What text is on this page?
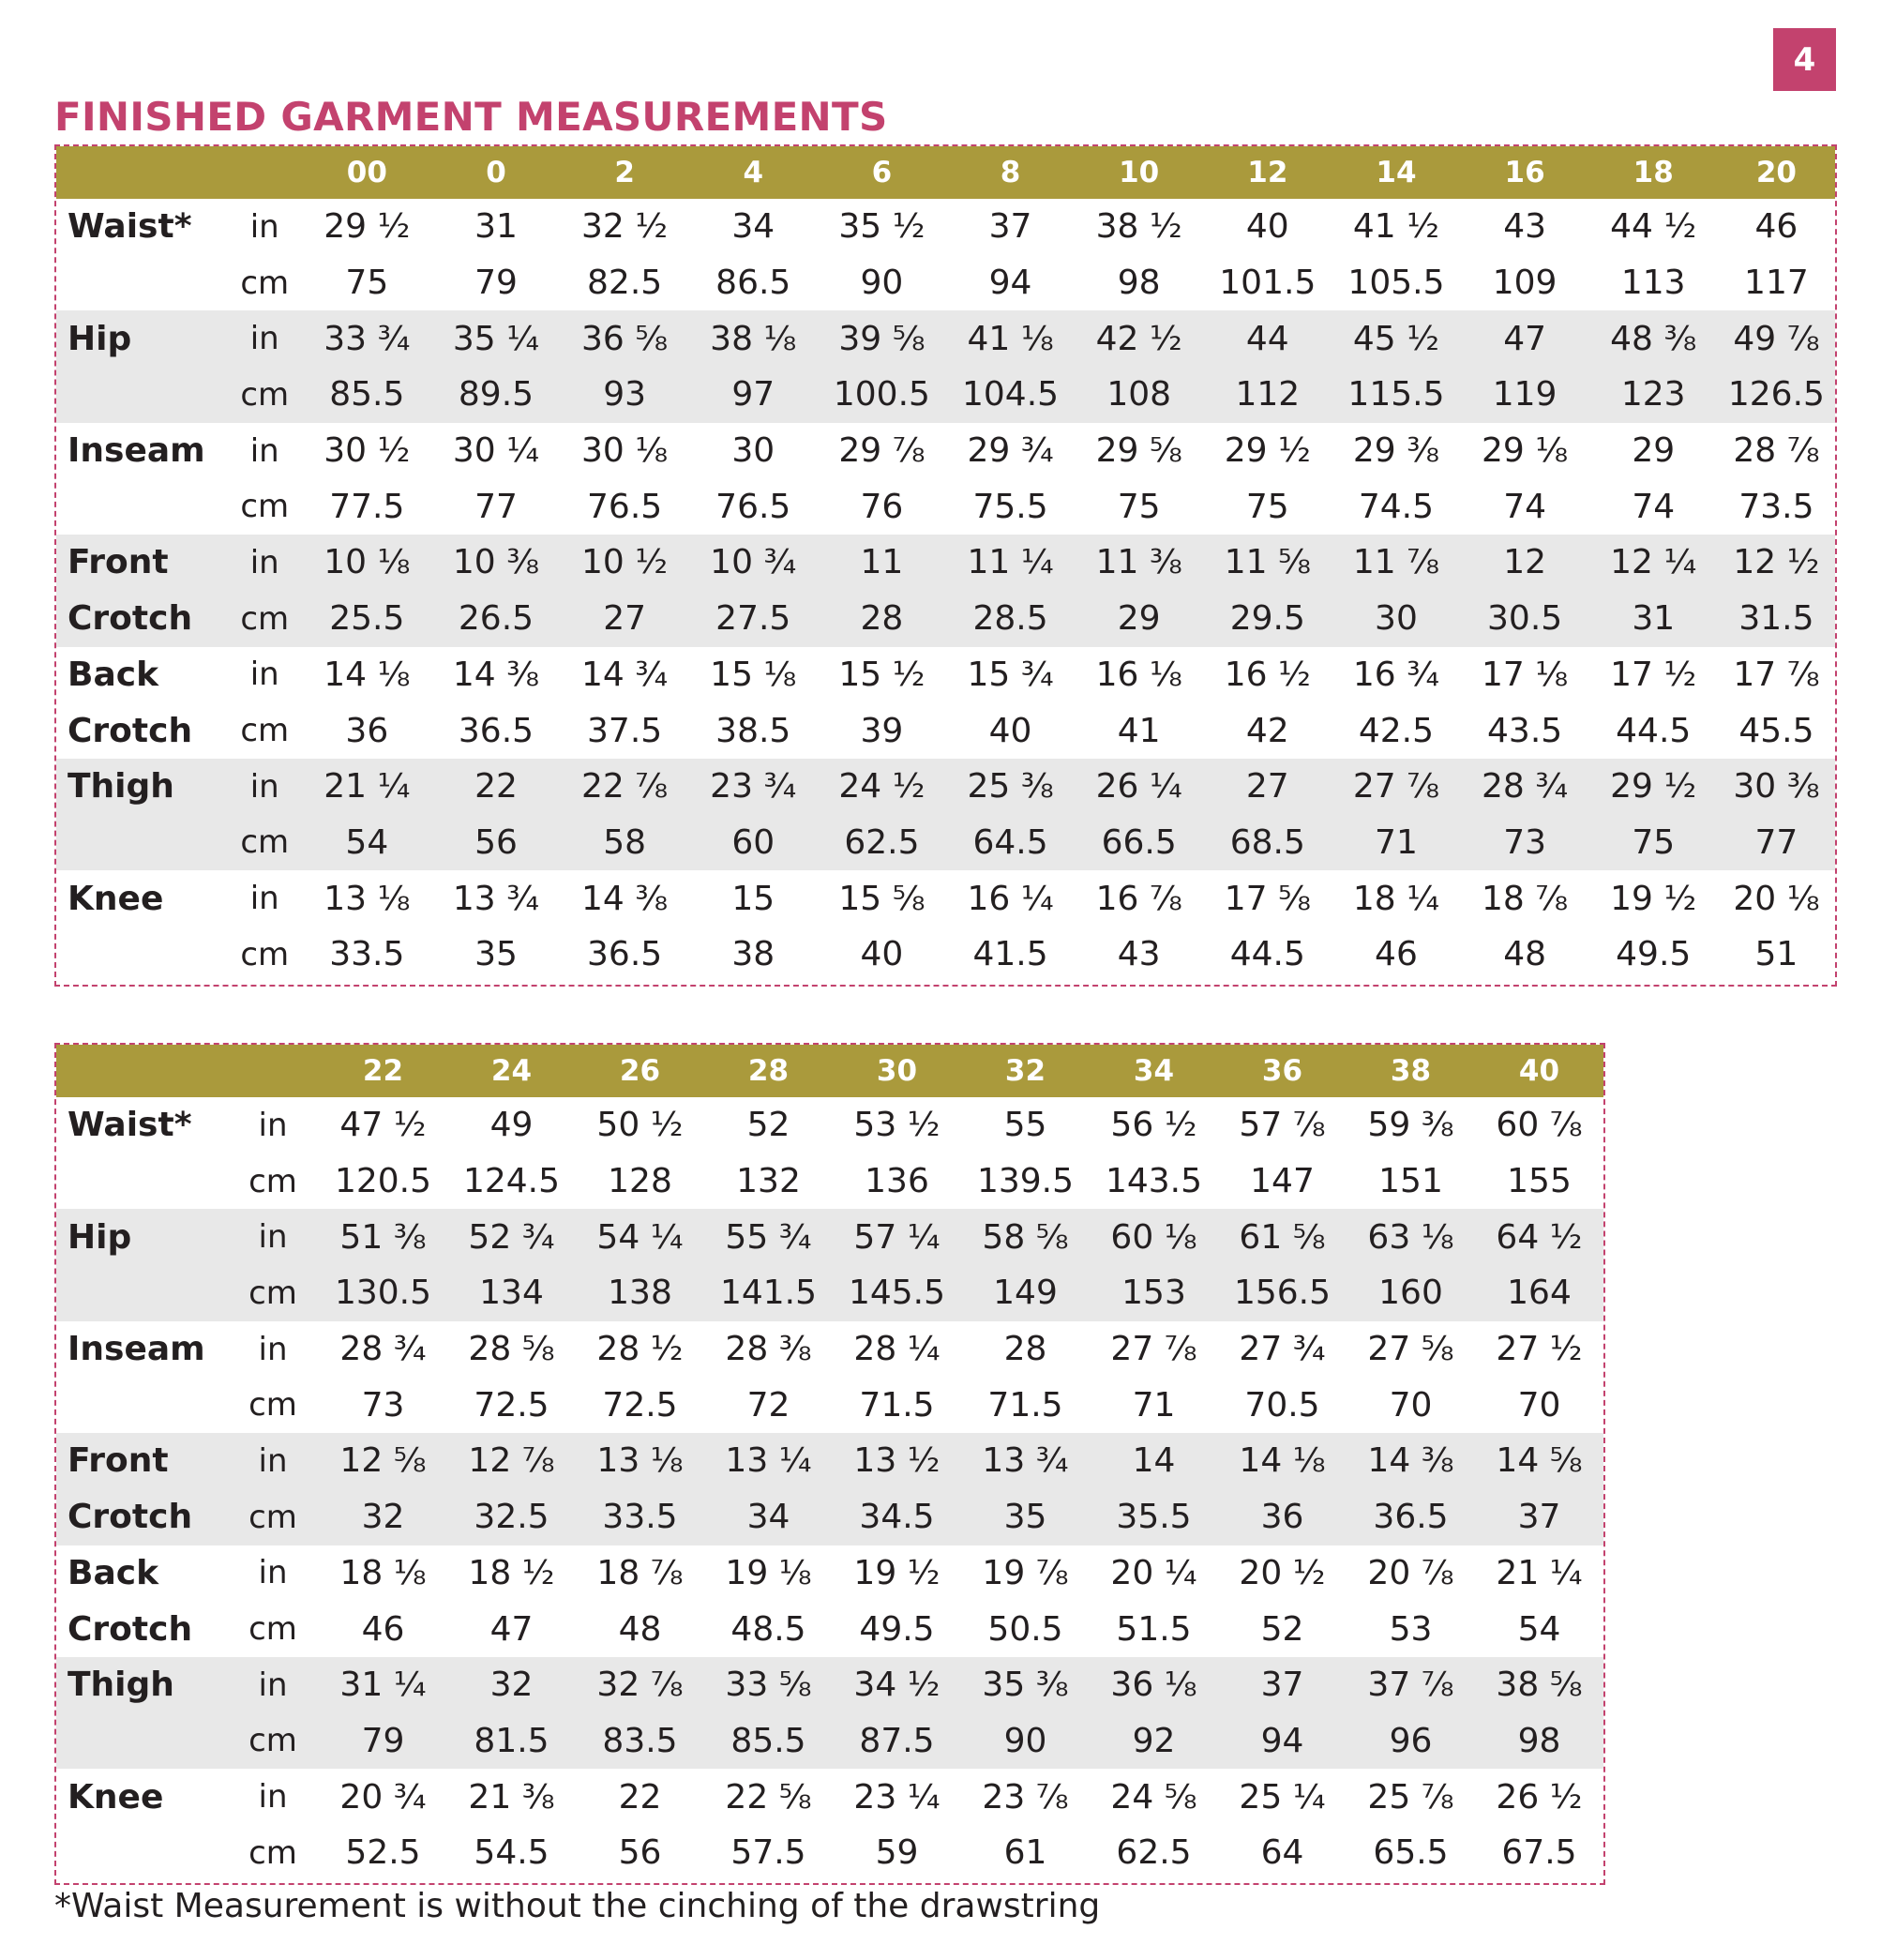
4
FINISHED GARMENT MEASUREMENTS
		00	0	2	4	6	8	10	12	14	16	18	20
Waist*	in	29 ½	31	32 ½	34	35 ½	37	38 ½	40	41 ½	43	44 ½	46
	cm	75	79	82.5	86.5	90	94	98	101.5	105.5	109	113	117
Hip	in	33 ¾	35 ¼	36 ⅝	38 ⅛	39 ⅝	41 ⅛	42 ½	44	45 ½	47	48 ⅜	49 ⅞
	cm	85.5	89.5	93	97	100.5	104.5	108	112	115.5	119	123	126.5
Inseam	in	30 ½	30 ¼	30 ⅛	30	29 ⅞	29 ¾	29 ⅝	29 ½	29 ⅜	29 ⅛	29	28 ⅞
	cm	77.5	77	76.5	76.5	76	75.5	75	75	74.5	74	74	73.5
Front	in	10 ⅛	10 ⅜	10 ½	10 ¾	11	11 ¼	11 ⅜	11 ⅝	11 ⅞	12	12 ¼	12 ½
Crotch	cm	25.5	26.5	27	27.5	28	28.5	29	29.5	30	30.5	31	31.5
Back	in	14 ⅛	14 ⅜	14 ¾	15 ⅛	15 ½	15 ¾	16 ⅛	16 ½	16 ¾	17 ⅛	17 ½	17 ⅞
Crotch	cm	36	36.5	37.5	38.5	39	40	41	42	42.5	43.5	44.5	45.5
Thigh	in	21 ¼	22	22 ⅞	23 ¾	24 ½	25 ⅜	26 ¼	27	27 ⅞	28 ¾	29 ½	30 ⅜
	cm	54	56	58	60	62.5	64.5	66.5	68.5	71	73	75	77
Knee	in	13 ⅛	13 ¾	14 ⅜	15	15 ⅝	16 ¼	16 ⅞	17 ⅝	18 ¼	18 ⅞	19 ½	20 ⅛
	cm	33.5	35	36.5	38	40	41.5	43	44.5	46	48	49.5	51
		22	24	26	28	30	32	34	36	38	40
Waist*	in	47 ½	49	50 ½	52	53 ½	55	56 ½	57 ⅞	59 ⅜	60 ⅞
	cm	120.5	124.5	128	132	136	139.5	143.5	147	151	155
Hip	in	51 ⅜	52 ¾	54 ¼	55 ¾	57 ¼	58 ⅝	60 ⅛	61 ⅝	63 ⅛	64 ½
	cm	130.5	134	138	141.5	145.5	149	153	156.5	160	164
Inseam	in	28 ¾	28 ⅝	28 ½	28 ⅜	28 ¼	28	27 ⅞	27 ¾	27 ⅝	27 ½
	cm	73	72.5	72.5	72	71.5	71.5	71	70.5	70	70
Front	in	12 ⅝	12 ⅞	13 ⅛	13 ¼	13 ½	13 ¾	14	14 ⅛	14 ⅜	14 ⅝
Crotch	cm	32	32.5	33.5	34	34.5	35	35.5	36	36.5	37
Back	in	18 ⅛	18 ½	18 ⅞	19 ⅛	19 ½	19 ⅞	20 ¼	20 ½	20 ⅞	21 ¼
Crotch	cm	46	47	48	48.5	49.5	50.5	51.5	52	53	54
Thigh	in	31 ¼	32	32 ⅞	33 ⅝	34 ½	35 ⅜	36 ⅛	37	37 ⅞	38 ⅝
	cm	79	81.5	83.5	85.5	87.5	90	92	94	96	98
Knee	in	20 ¾	21 ⅜	22	22 ⅝	23 ¼	23 ⅞	24 ⅝	25 ¼	25 ⅞	26 ½
	cm	52.5	54.5	56	57.5	59	61	62.5	64	65.5	67.5
*Waist Measurement is without the cinching of the drawstring
